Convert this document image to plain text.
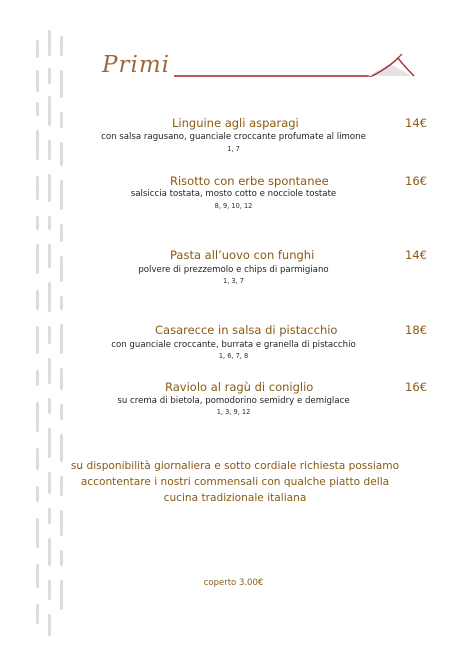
Primi
Linguine agli asparagi	14€
con salsa ragusano, guanciale croccante profumate al limone
1, 7
Risotto con erbe spontanee	16€
salsiccia tostata, mosto cotto e nocciole tostate
8, 9, 10, 12
Pasta all’uovo con funghi	14€
polvere di prezzemolo e chips di parmigiano
1, 3, 7
Casarecce in salsa di pistacchio	18€
con guanciale croccante, burrata e granella di pistacchio
1, 6, 7, 8
Raviolo al ragù di coniglio	16€
su crema di bietola, pomodorino semidry e demiglace
1, 3, 9, 12
su disponibilità giornaliera e sotto cordiale richiesta possiamo accontentare i nostri commensali con qualche piatto della cucina tradizionale italiana
coperto 3.00€
